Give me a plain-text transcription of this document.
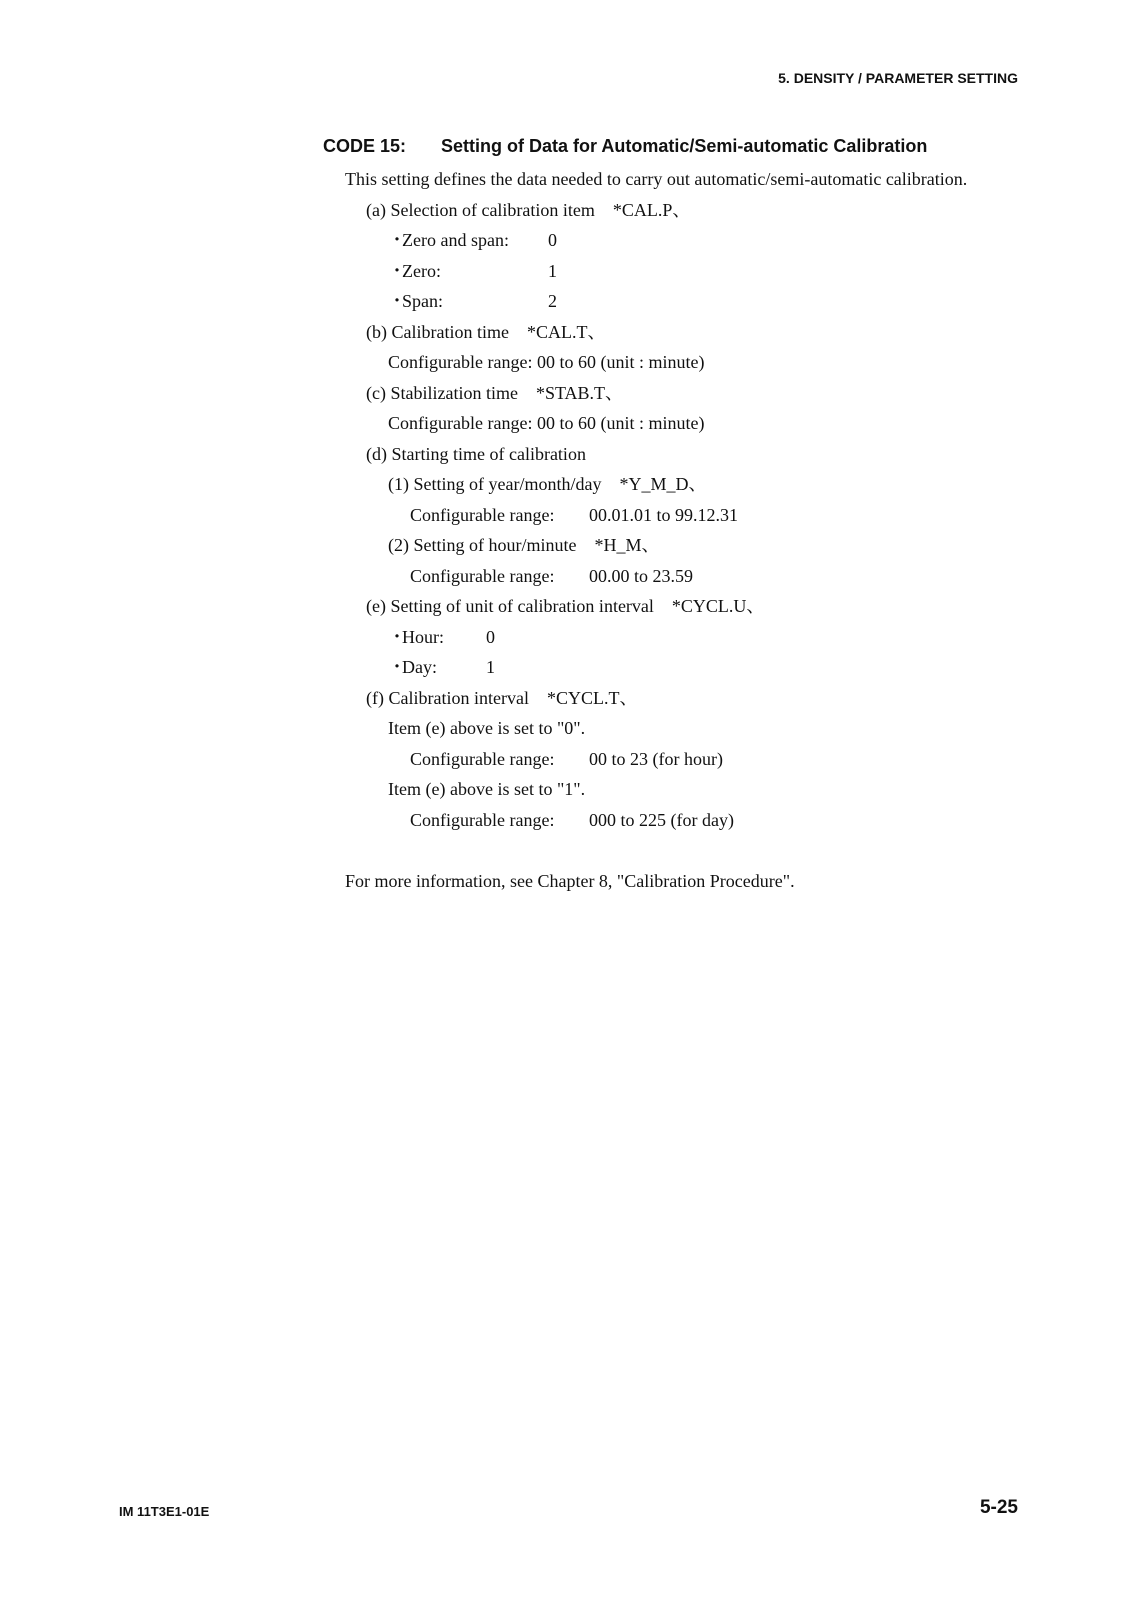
5. DENSITY / PARAMETER SETTING
CODE 15: Setting of Data for Automatic/Semi-automatic Calibration
This setting defines the data needed to carry out automatic/semi-automatic calibration.
(a) Selection of calibration item　*CAL.P、
・Zero and span: 0
・Zero:	1
・Span:	2
(b) Calibration time　*CAL.T、
Configurable range: 00 to 60 (unit : minute)
(c) Stabilization time　*STAB.T、
Configurable range: 00 to 60 (unit : minute)
(d) Starting time of calibration
(1) Setting of year/month/day　*Y_M_D、
Configurable range: 00.01.01 to 99.12.31
(2) Setting of hour/minute　*H_M、
Configurable range: 00.00 to 23.59
(e) Setting of unit of calibration interval　*CYCL.U、
・Hour: 0
・Day:	1
(f) Calibration interval　*CYCL.T、
Item (e) above is set to "0".
Configurable range: 00 to 23 (for hour)
Item (e) above is set to "1".
Configurable range: 000 to 225 (for day)
For more information, see Chapter 8, "Calibration Procedure".
IM 11T3E1-01E	5-25
